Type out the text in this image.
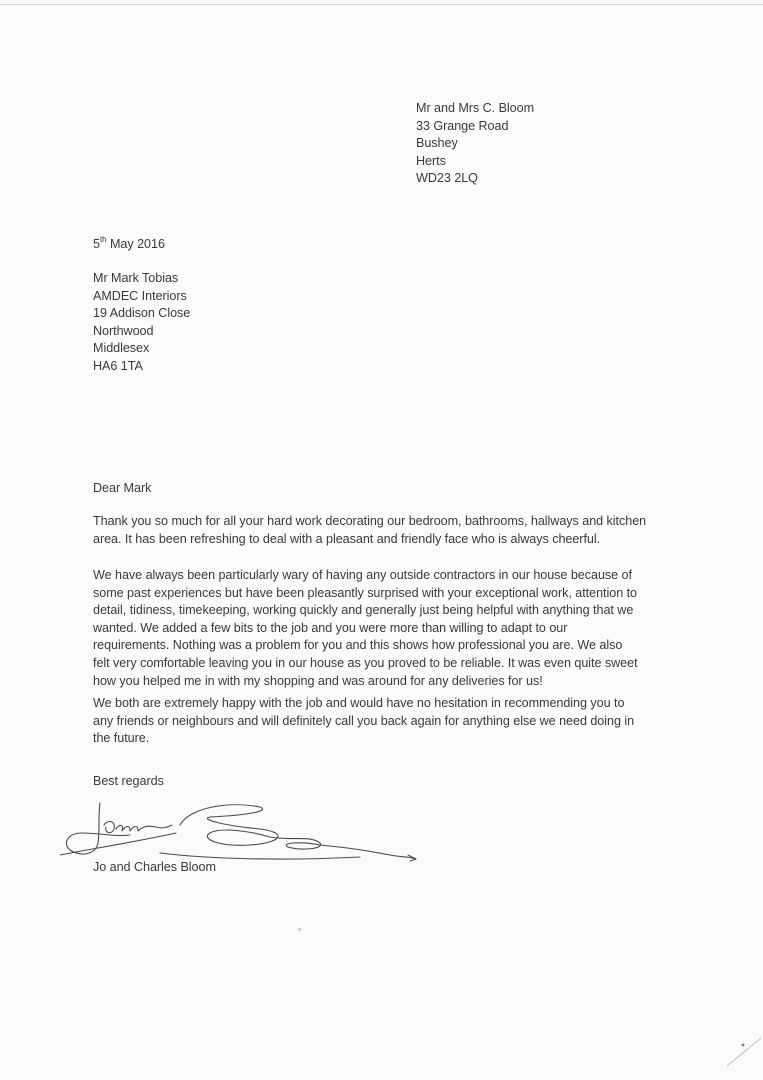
Mr and Mrs C. Bloom
33 Grange Road
Bushey
Herts
WD23 2LQ
5th May 2016
Mr Mark Tobias
AMDEC Interiors
19 Addison Close
Northwood
Middlesex
HA6 1TA
Dear Mark
Thank you so much for all your hard work decorating our bedroom, bathrooms, hallways and kitchen
area. It has been refreshing to deal with a pleasant and friendly face who is always cheerful.
We have always been particularly wary of having any outside contractors in our house because of
some past experiences but have been pleasantly surprised with your exceptional work, attention to
detail, tidiness, timekeeping, working quickly and generally just being helpful with anything that we
wanted. We added a few bits to the job and you were more than willing to adapt to our
requirements. Nothing was a problem for you and this shows how professional you are. We also
felt very comfortable leaving you in our house as you proved to be reliable. It was even quite sweet
how you helped me in with my shopping and was around for any deliveries for us!
We both are extremely happy with the job and would have no hesitation in recommending you to
any friends or neighbours and will definitely call you back again for anything else we need doing in
the future.
Best regards
Jo and Charles Bloom
